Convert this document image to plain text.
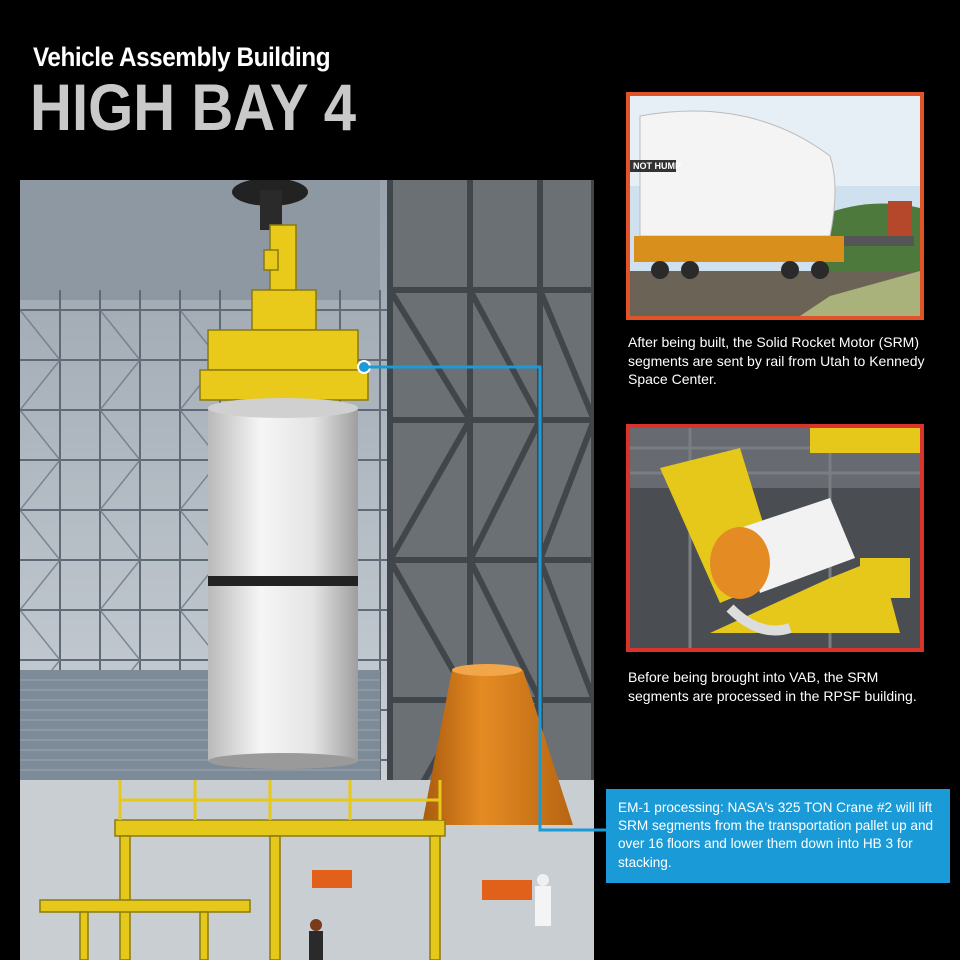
Vehicle Assembly Building
HIGH BAY 4
NOT HUMP
After being built, the Solid Rocket Motor (SRM) segments are sent by rail from Utah to Kennedy Space Center.
Before being brought into VAB, the SRM segments are processed in the RPSF building.
EM-1 processing: NASA's 325 TON Crane #2 will lift SRM segments from the transportation pallet up and over 16 floors and lower them down into HB 3 for stacking.
